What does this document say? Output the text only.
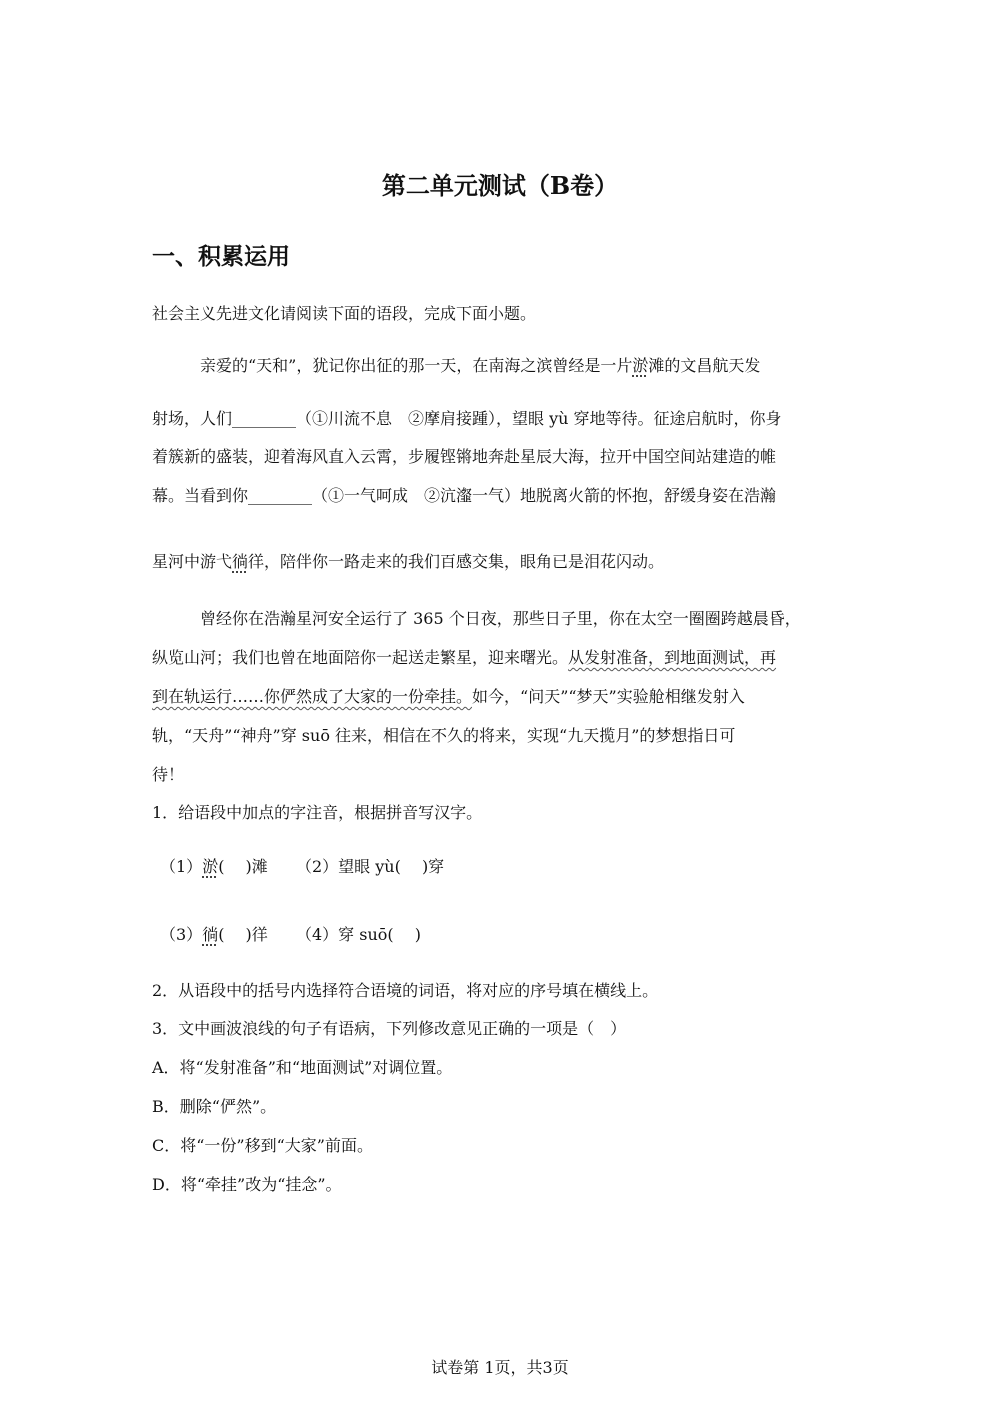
第二单元测试（B卷）
一、积累运用
社会主义先进文化请阅读下面的语段，完成下面小题。
亲爱的“天和”，犹记你出征的那一天，在南海之滨曾经是一片淤滩的文昌航天发
射场，人们________（①川流不息　②摩肩接踵），望眼 yù 穿地等待。征途启航时，你身
着簇新的盛装，迎着海风直入云霄，步履铿锵地奔赴星辰大海，拉开中国空间站建造的帷
幕。当看到你________（①一气呵成　②沆瀣一气）地脱离火箭的怀抱，舒缓身姿在浩瀚
星河中游弋徜徉，陪伴你一路走来的我们百感交集，眼角已是泪花闪动。
曾经你在浩瀚星河安全运行了 365 个日夜，那些日子里，你在太空一圈圈跨越晨昏，
纵览山河；我们也曾在地面陪你一起送走繁星，迎来曙光。从发射准备，到地面测试，再
到在轨运行……你俨然成了大家的一份牵挂。如今，“问天”“梦天”实验舱相继发射入
轨，“天舟”“神舟”穿 suō 往来，相信在不久的将来，实现“九天揽月”的梦想指日可
待！
1．给语段中加点的字注音，根据拼音写汉字。
（1）淤(　 )滩 （2）望眼 yù(　 )穿
（3）徜(　 )徉 （4）穿 suō(　 )
2．从语段中的括号内选择符合语境的词语，将对应的序号填在横线上。
3．文中画波浪线的句子有语病，下列修改意见正确的一项是（　）
A．将“发射准备”和“地面测试”对调位置。
B．删除“俨然”。
C．将“一份”移到“大家”前面。
D．将“牵挂”改为“挂念”。
试卷第 1页，共3页
